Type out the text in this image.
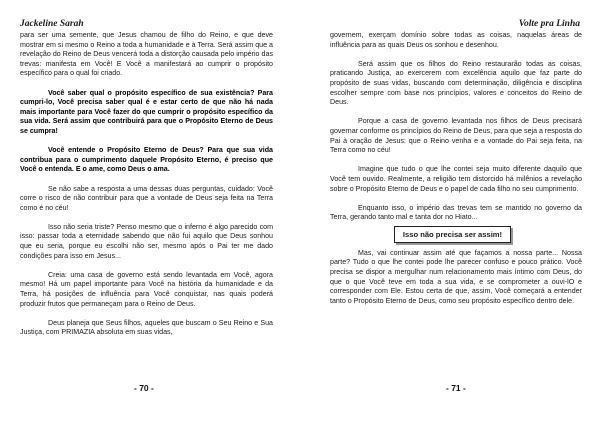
Jackeline Sarah

para ser uma semente, que Jesus chamou de filho do Reino, e que deve mostrar em si mesmo o Reino a toda a humanidade e à Terra. Será assim que a revelação do Reino de Deus vencerá toda a distorção causada pelo império das trevas: manifesta em Você! E Você a manifestará ao cumprir o propósito específico para o qual foi criado.

Você saber qual o propósito específico de sua existência? Para cumpri-lo, Você precisa saber qual é e estar certo de que não há nada mais importante para Você fazer do que cumprir o propósito específico da sua vida. Será assim que contribuirá para que o Propósito Eterno de Deus se cumpra!

Você entende o Propósito Eterno de Deus? Para que sua vida contribua para o cumprimento daquele Propósito Eterno, é preciso que Você o entenda. E o ame, como Deus o ama.

Se não sabe a resposta a uma dessas duas perguntas, cuidado: Você corre o risco de não contribuir para que a vontade de Deus seja feita na Terra como é no céu!

Isso não seria triste? Penso mesmo que o inferno é algo parecido com isso: passar toda a eternidade sabendo que não fui aquilo que Deus sonhou que eu seria, porque eu escolhi não ser, mesmo após o Pai ter me dado condições para isso em Jesus...

Creia: uma casa de governo está sendo levantada em Você, agora mesmo! Há um papel importante para Você na história da humanidade e da Terra, há posições de influência para Você conquistar, nas quais poderá produzir frutos que permaneçam para o Reino de Deus.

Deus planeja que Seus filhos, aqueles que buscam o Seu Reino e Sua Justiça, com PRIMAZIA absoluta em suas vidas,

- 70 -
Volte pra Linha

governem, exerçam domínio sobre todas as coisas, naquelas áreas de influência para as quais Deus os sonhou e desenhou.

Será assim que os filhos do Reino restaurarão todas as coisas, praticando Justiça, ao exercerem com excelência aquilo que faz parte do propósito de suas vidas, buscando com determinação, diligência e disciplina escolher sempre com base nos princípios, valores e conceitos do Reino de Deus.

Porque a casa de governo levantada nos filhos de Deus precisará governar conforme os princípios do Reino de Deus, para que seja a resposta do Pai à oração de Jesus: que o Reino venha e a vontade do Pai seja feita, na Terra como no céu!

Imagine que tudo o que lhe contei seja muito diferente daquilo que Você tem ouvido. Realmente, a religião tem distorcido há milênios a revelação sobre o Propósito Eterno de Deus e o papel de cada filho no seu cumprimento.

Enquanto isso, o império das trevas tem se mantido no governo da Terra, gerando tanto mal e tanta dor no Hiato...

Isso não precisa ser assim!

Mas, vai continuar assim até que façamos a nossa parte... Nossa parte? Tudo o que lhe contei pode lhe parecer confuso e pouco prático. Você precisa se dispor a mergulhar num relacionamento mais íntimo com Deus, do que o que Você teve em toda a sua vida, e se comprometer a ouvi-lO e corresponder com Ele. Estou certa de que, assim, Você começará a entender tanto o Propósito Eterno de Deus, como seu propósito específico dentro dele.

- 71 -
